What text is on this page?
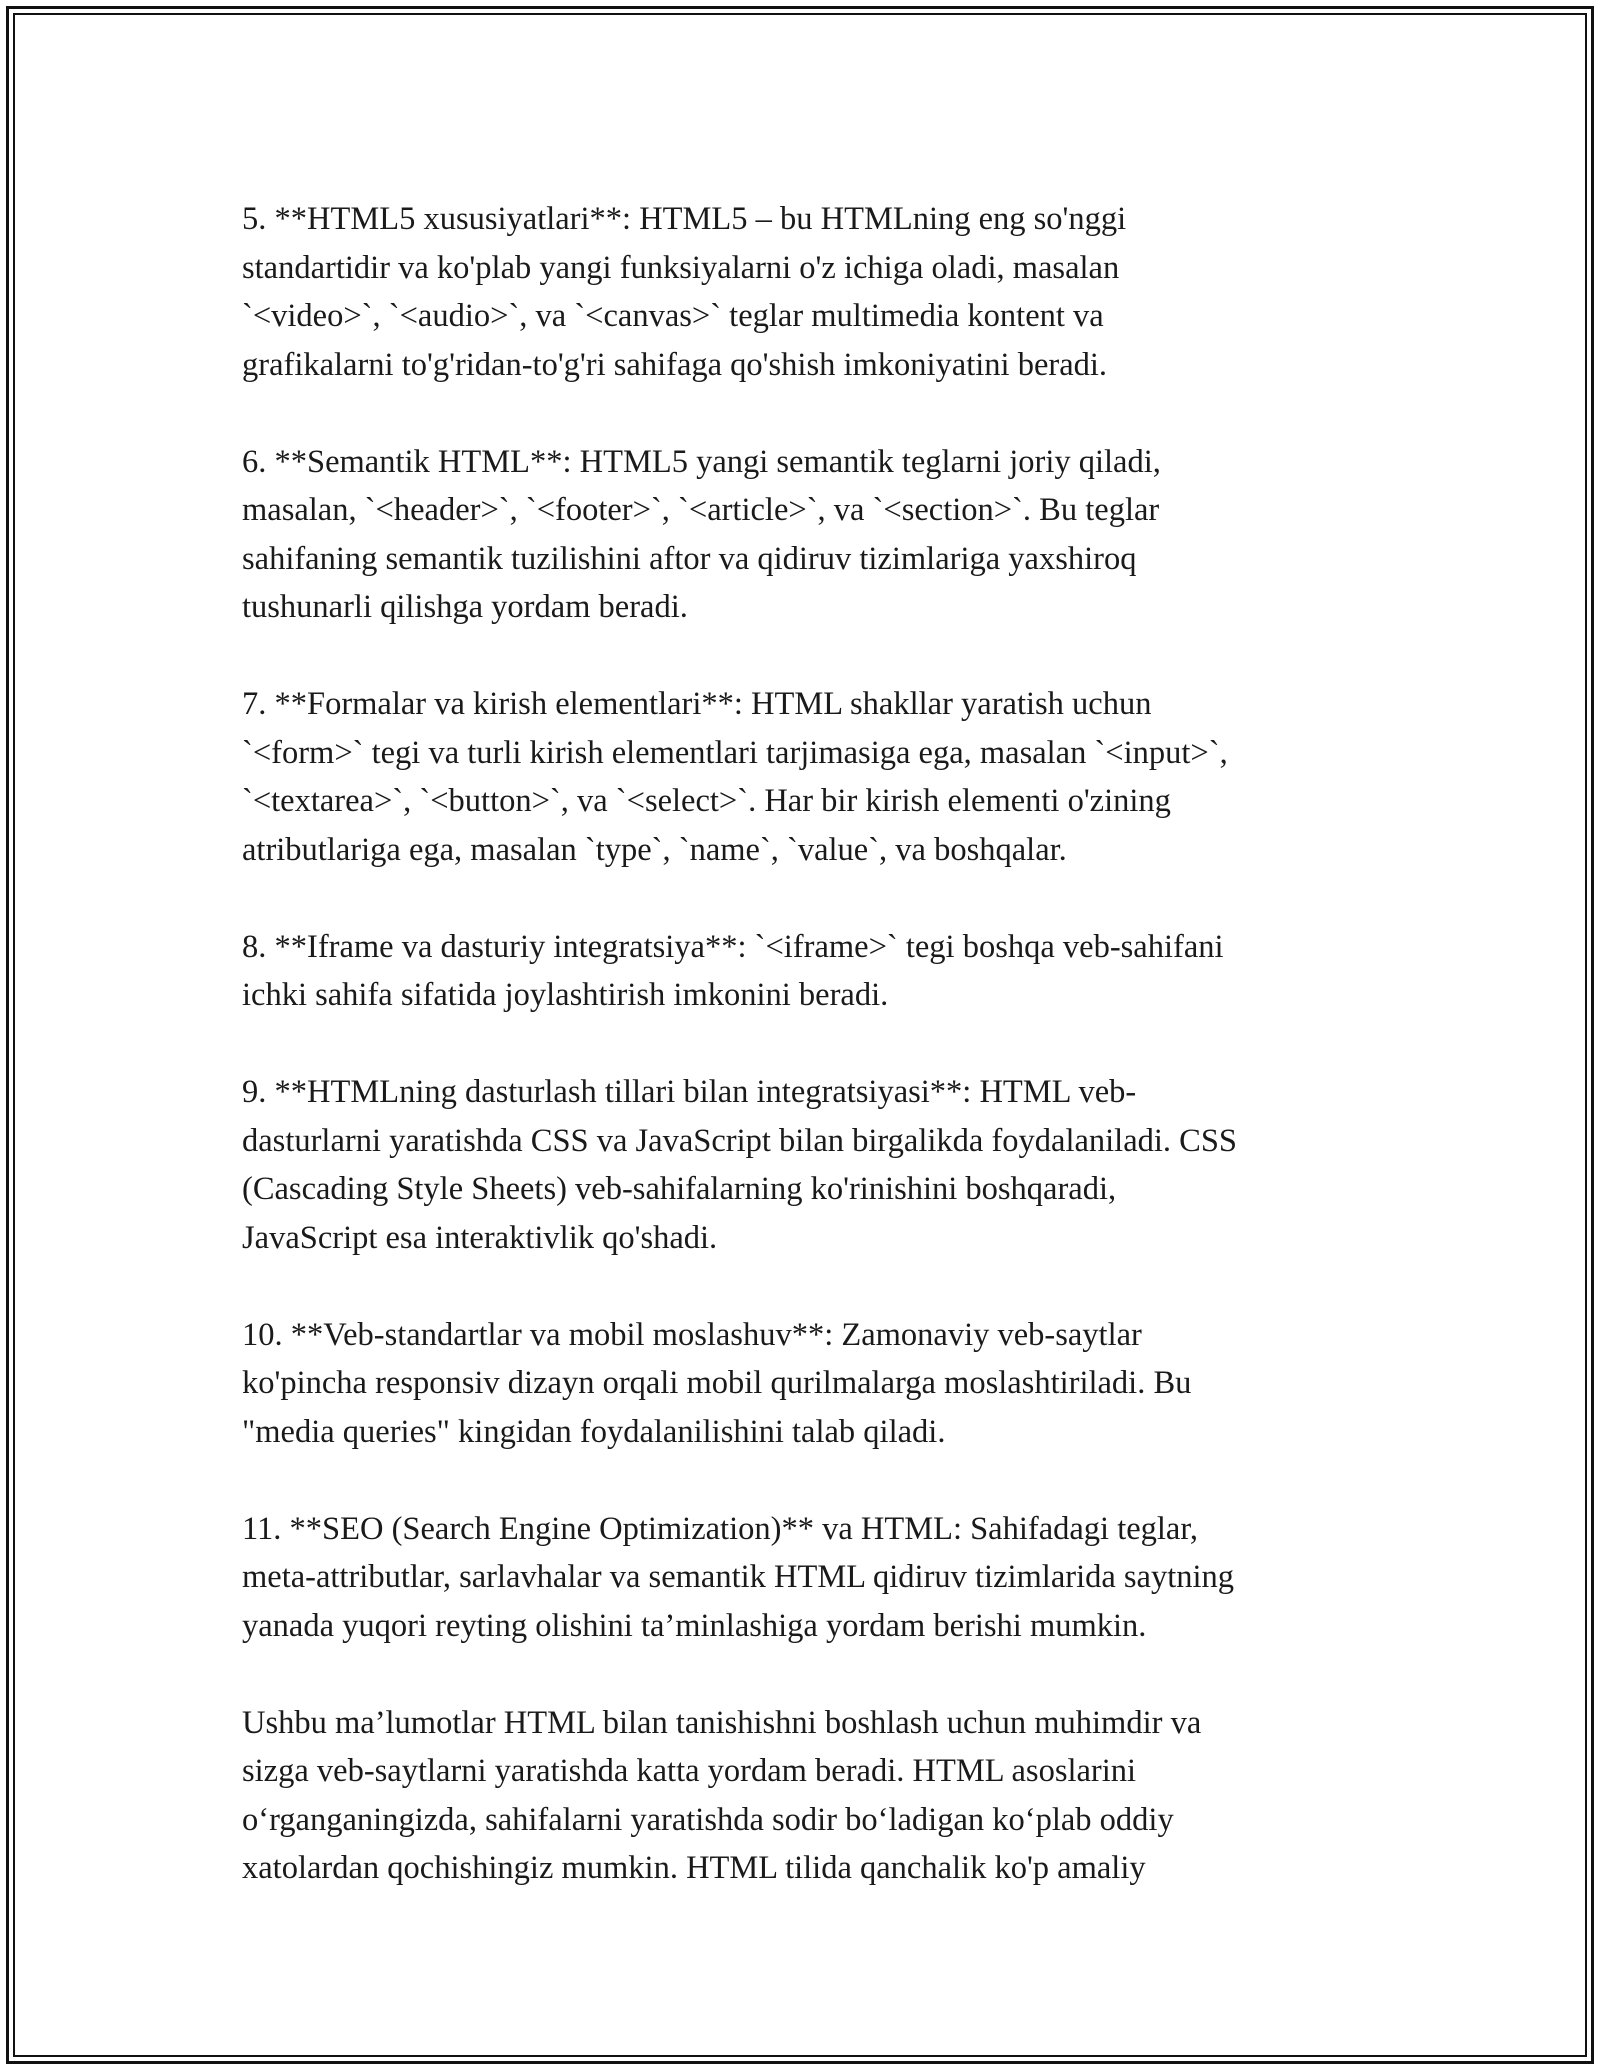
5. **HTML5 xususiyatlari**: HTML5 – bu HTMLning eng so'nggi
standartidir va ko'plab yangi funksiyalarni o'z ichiga oladi, masalan
`<video>`, `<audio>`, va `<canvas>` teglar multimedia kontent va
grafikalarni to'g'ridan-to'g'ri sahifaga qo'shish imkoniyatini beradi.

6. **Semantik HTML**: HTML5 yangi semantik teglarni joriy qiladi,
masalan, `<header>`, `<footer>`, `<article>`, va `<section>`. Bu teglar
sahifaning semantik tuzilishini aftor va qidiruv tizimlariga yaxshiroq
tushunarli qilishga yordam beradi.

7. **Formalar va kirish elementlari**: HTML shakllar yaratish uchun
`<form>` tegi va turli kirish elementlari tarjimasiga ega, masalan `<input>`,
`<textarea>`, `<button>`, va `<select>`. Har bir kirish elementi o'zining
atributlariga ega, masalan `type`, `name`, `value`, va boshqalar.

8. **Iframe va dasturiy integratsiya**: `<iframe>` tegi boshqa veb-sahifani
ichki sahifa sifatida joylashtirish imkonini beradi.

9. **HTMLning dasturlash tillari bilan integratsiyasi**: HTML veb-
dasturlarni yaratishda CSS va JavaScript bilan birgalikda foydalaniladi. CSS
(Cascading Style Sheets) veb-sahifalarning ko'rinishini boshqaradi,
JavaScript esa interaktivlik qo'shadi.

10. **Veb-standartlar va mobil moslashuv**: Zamonaviy veb-saytlar
ko'pincha responsiv dizayn orqali mobil qurilmalarga moslashtiriladi. Bu
"media queries" kingidan foydalanilishini talab qiladi.

11. **SEO (Search Engine Optimization)** va HTML: Sahifadagi teglar,
meta-attributlar, sarlavhalar va semantik HTML qidiruv tizimlarida saytning
yanada yuqori reyting olishini ta’minlashiga yordam berishi mumkin.

Ushbu ma’lumotlar HTML bilan tanishishni boshlash uchun muhimdir va
sizga veb-saytlarni yaratishda katta yordam beradi. HTML asoslarini
o‘rganganingizda, sahifalarni yaratishda sodir bo‘ladigan ko‘plab oddiy
xatolardan qochishingiz mumkin. HTML tilida qanchalik ko'p amaliy
